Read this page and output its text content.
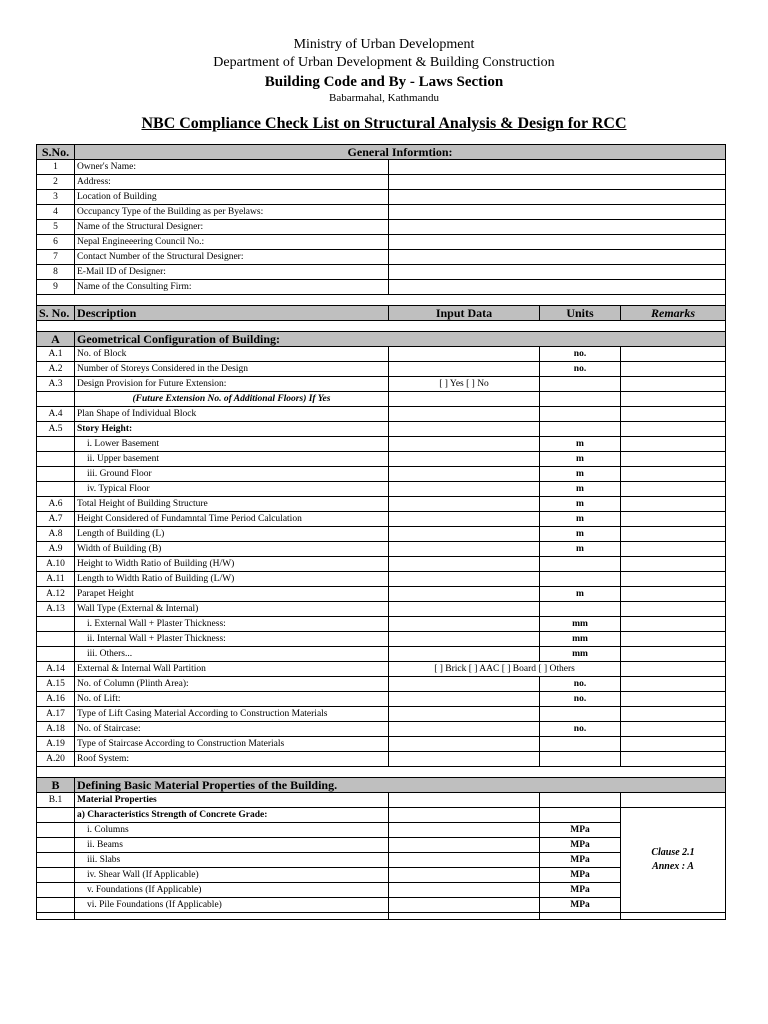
Ministry of Urban Development
Department of Urban Development & Building Construction
Building Code and By - Laws Section
Babarmahal, Kathmandu
NBC Compliance Check List on Structural Analysis & Design for RCC
S.No.	General Informtion:			
1	Owner's Name:			
2	Address:			
3	Location of Building			
4	Occupancy Type of the Building as per Byelaws:			
5	Name of the Structural Designer:			
6	Nepal Engineeering Council No.:			
7	Contact Number of the Structural Designer:			
8	E-Mail ID of Designer:			
9	Name of the Consulting Firm:			

S. No.	Description	Input Data	Units	Remarks

A	Geometrical Configuration of Building:			
A.1	No. of Block		no.	
A.2	Number of Storeys Considered in the Design		no.	
A.3	Design Provision for Future Extension:	[ ] Yes [ ] No		
	(Future Extension No. of Additional Floors) If Yes			
A.4	Plan Shape of Individual Block			
A.5	Story Height:			
	i. Lower Basement		m	
	ii. Upper basement		m	
	iii. Ground Floor		m	
	iv. Typical Floor		m	
A.6	Total Height of Building Structure		m	
A.7	Height Considered of Fundamntal Time Period Calculation		m	
A.8	Length of Building (L)		m	
A.9	Width of Building (B)		m	
A.10	Height to Width Ratio of Building (H/W)			
A.11	Length to Width Ratio of Building (L/W)			
A.12	Parapet Height		m	
A.13	Wall Type (External & Internal)			
	i. External Wall + Plaster Thickness:		mm	
	ii. Internal Wall + Plaster Thickness:		mm	
	iii. Others...		mm	
A.14	External & Internal Wall Partition	[ ] Brick [ ] AAC [ ] Board [ ] Others		
A.15	No. of Column (Plinth Area):		no.	
A.16	No. of Lift:		no.	
A.17	Type of Lift Casing Material According to Construction Materials			
A.18	No. of Staircase:		no.	
A.19	Type of Staircase According to Construction Materials			
A.20	Roof System:			

B	Defining Basic Material Properties of the Building.			
B.1	Material Properties			
	a) Characteristics Strength of Concrete Grade:			Clause 2.1
Annex : A

	i. Columns		MPa	
	ii. Beams		MPa	
	iii. Slabs		MPa	
	iv. Shear Wall (If Applicable)		MPa	
	v. Foundations (If Applicable)		MPa	
	vi. Pile Foundations (If Applicable)		MPa	
